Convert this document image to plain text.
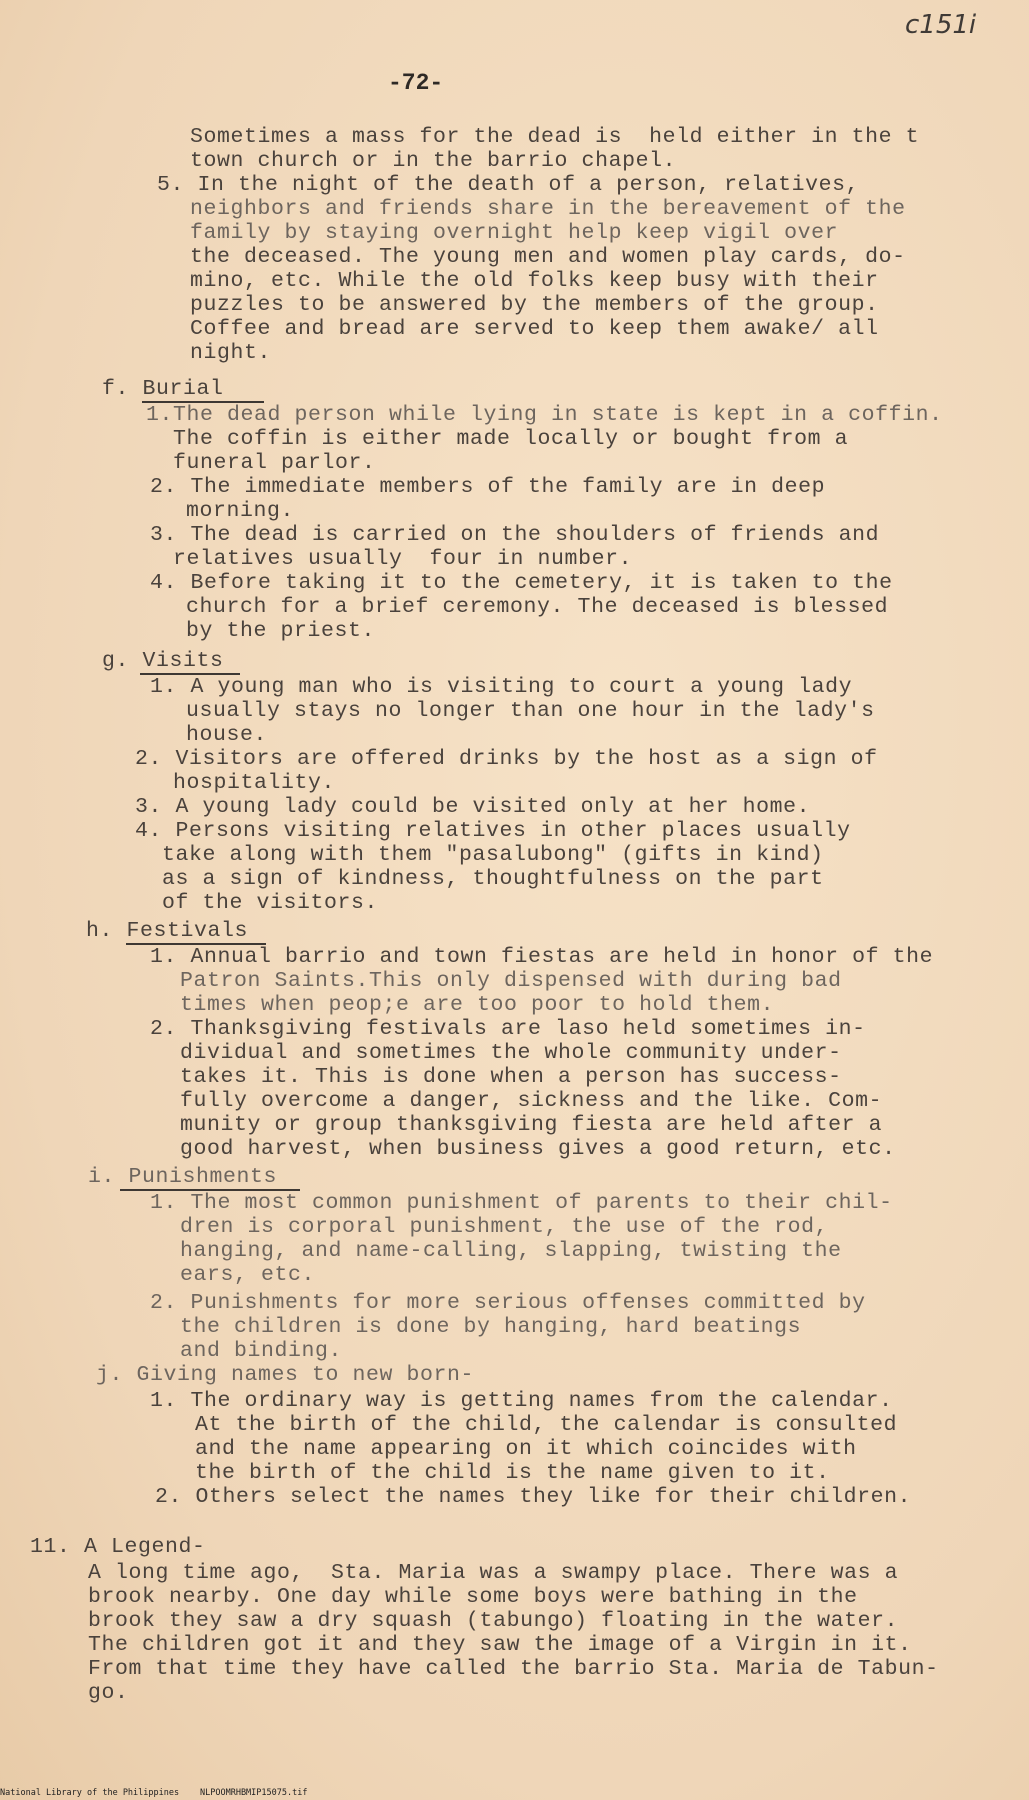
c151i
-72-
Sometimes a mass for the dead is  held either in the t
town church or in the barrio chapel.
5. In the night of the death of a person, relatives,
neighbors and friends share in the bereavement of the
family by staying overnight help keep vigil over
the deceased. The young men and women play cards, do-
mino, etc. While the old folks keep busy with their
puzzles to be answered by the members of the group.
Coffee and bread are served to keep them awake/ all
night.
f. Burial
1.The dead person while lying in state is kept in a coffin.
The coffin is either made locally or bought from a
funeral parlor.
2. The immediate members of the family are in deep
morning.
3. The dead is carried on the shoulders of friends and
relatives usually  four in number.
4. Before taking it to the cemetery, it is taken to the
church for a brief ceremony. The deceased is blessed
by the priest.
g. Visits
1. A young man who is visiting to court a young lady
usually stays no longer than one hour in the lady's
house.
2. Visitors are offered drinks by the host as a sign of
hospitality.
3. A young lady could be visited only at her home.
4. Persons visiting relatives in other places usually
take along with them "pasalubong" (gifts in kind)
as a sign of kindness, thoughtfulness on the part
of the visitors.
h. Festivals
1. Annual barrio and town fiestas are held in honor of the
Patron Saints.This only dispensed with during bad
times when peop;e are too poor to hold them.
2. Thanksgiving festivals are laso held sometimes in-
dividual and sometimes the whole community under-
takes it. This is done when a person has success-
fully overcome a danger, sickness and the like. Com-
munity or group thanksgiving fiesta are held after a
good harvest, when business gives a good return, etc.
i. Punishments
1. The most common punishment of parents to their chil-
dren is corporal punishment, the use of the rod,
hanging, and name-calling, slapping, twisting the
ears, etc.
2. Punishments for more serious offenses committed by
the children is done by hanging, hard beatings
and binding.
j. Giving names to new born-
1. The ordinary way is getting names from the calendar.
At the birth of the child, the calendar is consulted
and the name appearing on it which coincides with
the birth of the child is the name given to it.
2. Others select the names they like for their children.
11. A Legend-
A long time ago,  Sta. Maria was a swampy place. There was a
brook nearby. One day while some boys were bathing in the
brook they saw a dry squash (tabungo) floating in the water.
The children got it and they saw the image of a Virgin in it.
From that time they have called the barrio Sta. Maria de Tabun-
go.
National Library of the Philippines NLPOOMRHBMIP15075.tif
